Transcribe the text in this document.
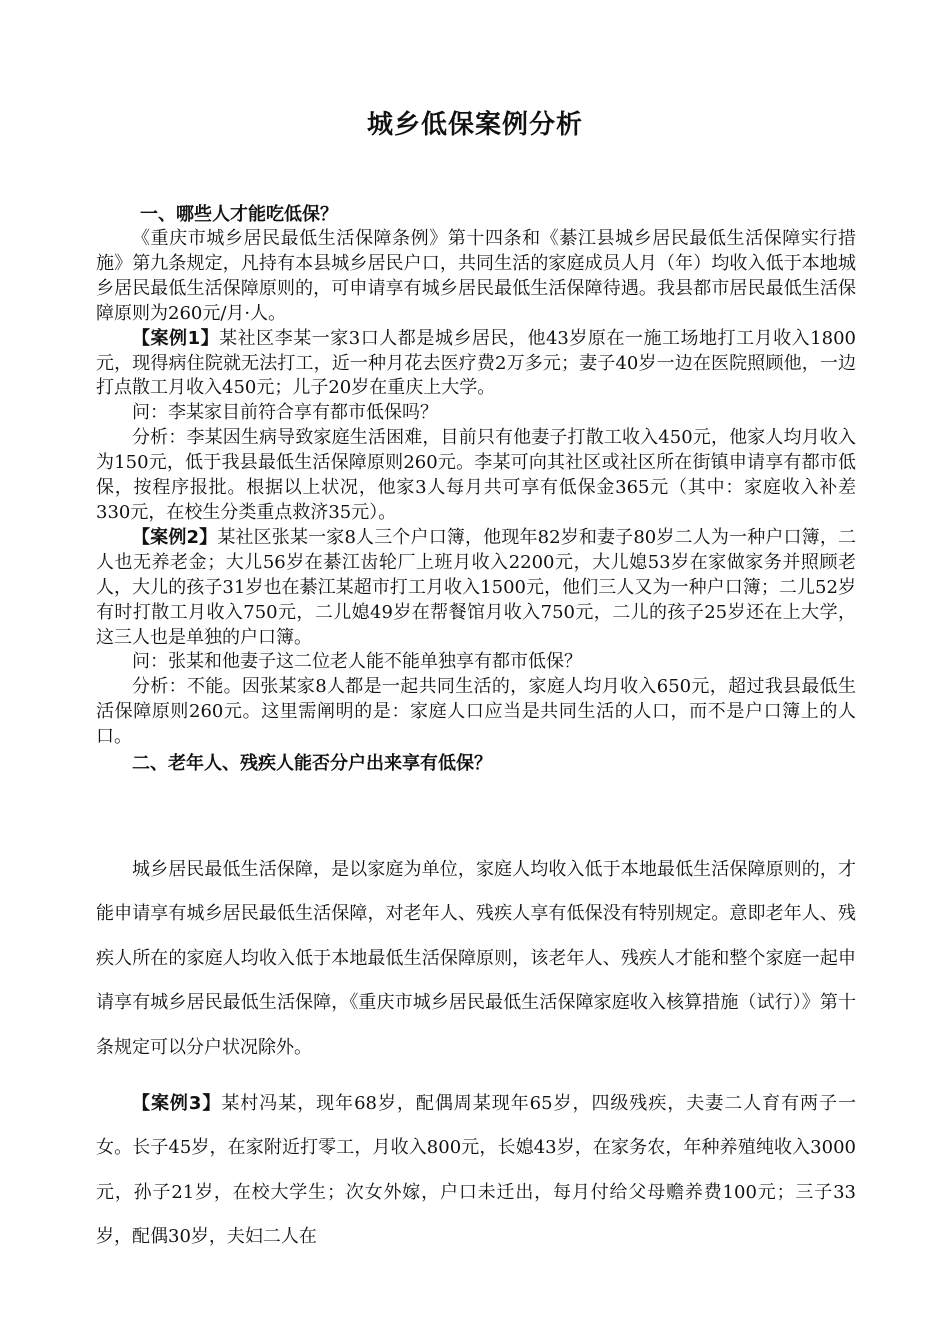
城乡低保案例分析

一、哪些人才能吃低保？

《重庆市城乡居民最低生活保障条例》第十四条和《綦江县城乡居民最低生活保障实行措施》第九条规定，凡持有本县城乡居民户口，共同生活的家庭成员人月（年）均收入低于本地城乡居民最低生活保障原则的，可申请享有城乡居民最低生活保障待遇。我县都市居民最低生活保障原则为260元/月·人。

【案例1】某社区李某一家3口人都是城乡居民，他43岁原在一施工场地打工月收入1800元，现得病住院就无法打工，近一种月花去医疗费2万多元；妻子40岁一边在医院照顾他，一边打点散工月收入450元；儿子20岁在重庆上大学。

问：李某家目前符合享有都市低保吗？

分析：李某因生病导致家庭生活困难，目前只有他妻子打散工收入450元，他家人均月收入为150元，低于我县最低生活保障原则260元。李某可向其社区或社区所在街镇申请享有都市低保，按程序报批。根据以上状况，他家3人每月共可享有低保金365元（其中：家庭收入补差330元，在校生分类重点救济35元）。

【案例2】某社区张某一家8人三个户口簿，他现年82岁和妻子80岁二人为一种户口簿，二人也无养老金；大儿56岁在綦江齿轮厂上班月收入2200元，大儿媳53岁在家做家务并照顾老人，大儿的孩子31岁也在綦江某超市打工月收入1500元，他们三人又为一种户口簿；二儿52岁有时打散工月收入750元，二儿媳49岁在帮餐馆月收入750元，二儿的孩子25岁还在上大学，这三人也是单独的户口簿。

问：张某和他妻子这二位老人能不能单独享有都市低保？

分析：不能。因张某家8人都是一起共同生活的，家庭人均月收入650元，超过我县最低生活保障原则260元。这里需阐明的是：家庭人口应当是共同生活的人口，而不是户口簿上的人口。

二、老年人、残疾人能否分户出来享有低保？

城乡居民最低生活保障，是以家庭为单位，家庭人均收入低于本地最低生活保障原则的，才能申请享有城乡居民最低生活保障，对老年人、残疾人享有低保没有特别规定。意即老年人、残疾人所在的家庭人均收入低于本地最低生活保障原则，该老年人、残疾人才能和整个家庭一起申请享有城乡居民最低生活保障，《重庆市城乡居民最低生活保障家庭收入核算措施（试行）》第十条规定可以分户状况除外。

【案例3】某村冯某，现年68岁，配偶周某现年65岁，四级残疾，夫妻二人育有两子一女。长子45岁，在家附近打零工，月收入800元，长媳43岁，在家务农，年种养殖纯收入3000元，孙子21岁，在校大学生；次女外嫁，户口未迁出，每月付给父母赡养费100元；三子33岁，配偶30岁，夫妇二人在
